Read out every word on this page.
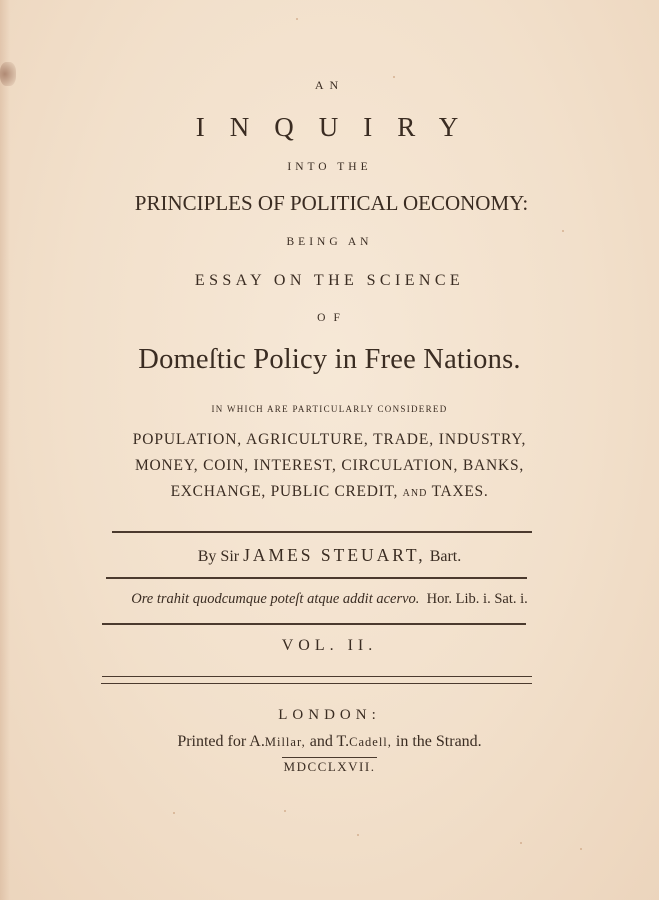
AN
INQUIRY
INTO THE
PRINCIPLES OF POLITICAL OECONOMY:
BEING AN
ESSAY ON THE SCIENCE
OF
Domeſtic Policy in Free Nations.
IN WHICH ARE PARTICULARLY CONSIDERED
POPULATION, AGRICULTURE, TRADE, INDUSTRY,
MONEY, COIN, INTEREST, CIRCULATION, BANKS,
EXCHANGE, PUBLIC CREDIT, AND TAXES.
By Sir JAMES STEUART, Bart.
Ore trahit quodcumque poteſt atque addit acervo. Hor. Lib. i. Sat. i.
VOL. II.
LONDON:
Printed for A.Millar, and T.Cadell, in the Strand.
MDCCLXVII.
